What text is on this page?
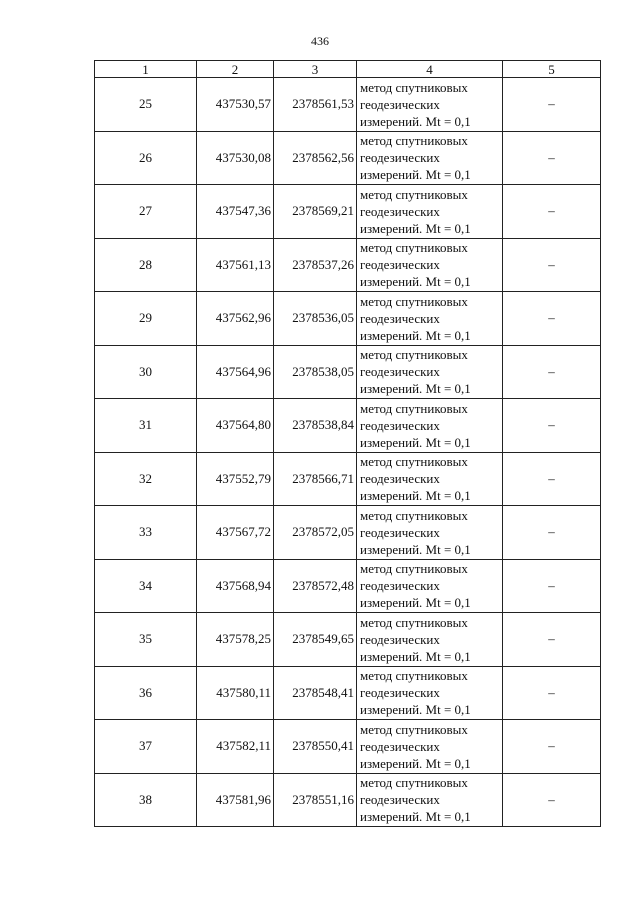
436
1	2	3	4	5
25	437530,57	2378561,53	метод спутниковых
геодезических
измерений. Mt = 0,1	–
26	437530,08	2378562,56	метод спутниковых
геодезических
измерений. Mt = 0,1	–
27	437547,36	2378569,21	метод спутниковых
геодезических
измерений. Mt = 0,1	–
28	437561,13	2378537,26	метод спутниковых
геодезических
измерений. Mt = 0,1	–
29	437562,96	2378536,05	метод спутниковых
геодезических
измерений. Mt = 0,1	–
30	437564,96	2378538,05	метод спутниковых
геодезических
измерений. Mt = 0,1	–
31	437564,80	2378538,84	метод спутниковых
геодезических
измерений. Mt = 0,1	–
32	437552,79	2378566,71	метод спутниковых
геодезических
измерений. Mt = 0,1	–
33	437567,72	2378572,05	метод спутниковых
геодезических
измерений. Mt = 0,1	–
34	437568,94	2378572,48	метод спутниковых
геодезических
измерений. Mt = 0,1	–
35	437578,25	2378549,65	метод спутниковых
геодезических
измерений. Mt = 0,1	–
36	437580,11	2378548,41	метод спутниковых
геодезических
измерений. Mt = 0,1	–
37	437582,11	2378550,41	метод спутниковых
геодезических
измерений. Mt = 0,1	–
38	437581,96	2378551,16	метод спутниковых
геодезических
измерений. Mt = 0,1	–
